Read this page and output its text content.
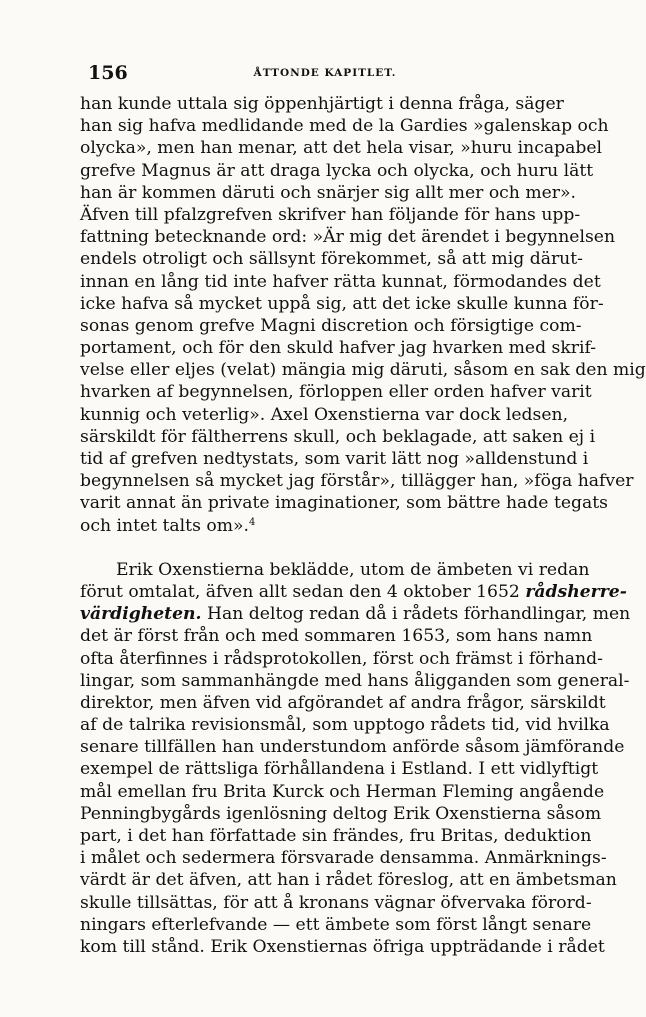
156	ÅTTONDE KAPITLET.
han kunde uttala sig öppenhjärtigt i denna fråga, säger
han sig hafva medlidande med de la Gardies »galenskap och
olycka», men han menar, att det hela visar, »huru incapabel
grefve Magnus är att draga lycka och olycka, och huru lätt
han är kommen däruti och snärjer sig allt mer och mer».
Äfven till pfalzgrefven skrifver han följande för hans upp-
fattning betecknande ord: »Är mig det ärendet i begynnelsen
endels otroligt och sällsynt förekommet, så att mig därut-
innan en lång tid inte hafver rätta kunnat, förmodandes det
icke hafva så mycket uppå sig, att det icke skulle kunna för-
sonas genom grefve Magni discretion och försigtige com-
portament, och för den skuld hafver jag hvarken med skrif-
velse eller eljes (velat) mängia mig däruti, såsom en sak den mig
hvarken af begynnelsen, förloppen eller orden hafver varit
kunnig och veterlig». Axel Oxenstierna var dock ledsen,
särskildt för fältherrens skull, och beklagade, att saken ej i
tid af grefven nedtystats, som varit lätt nog »alldenstund i
begynnelsen så mycket jag förstår», tillägger han, »föga hafver
varit annat än private imaginationer, som bättre hade tegats
och intet talts om».$^4$
Erik Oxenstierna beklädde, utom de ämbeten vi redan
förut omtalat, äfven allt sedan den 4 oktober 1652 rådsherre-
värdigheten. Han deltog redan då i rådets förhandlingar, men
det är först från och med sommaren 1653, som hans namn
ofta återfinnes i rådsprotokollen, först och främst i förhand-
lingar, som sammanhängde med hans åligganden som general-
direktor, men äfven vid afgörandet af andra frågor, särskildt
af de talrika revisionsmål, som upptogo rådets tid, vid hvilka
senare tillfällen han understundom anförde såsom jämförande
exempel de rättsliga förhållandena i Estland. I ett vidlyftigt
mål emellan fru Brita Kurck och Herman Fleming angående
Penningbygårds igenlösning deltog Erik Oxenstierna såsom
part, i det han författade sin frändes, fru Britas, deduktion
i målet och sedermera försvarade densamma. Anmärknings-
värdt är det äfven, att han i rådet föreslog, att en ämbetsman
skulle tillsättas, för att å kronans vägnar öfvervaka förord-
ningars efterlefvande — ett ämbete som först långt senare
kom till stånd. Erik Oxenstiernas öfriga uppträdande i rådet
